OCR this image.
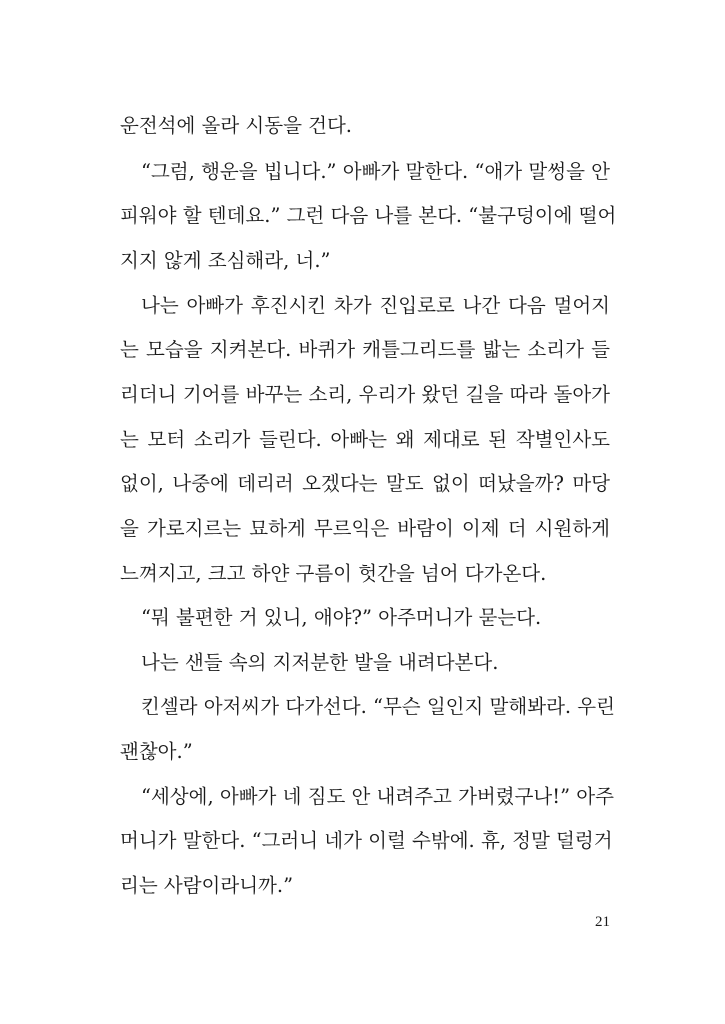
운전석에 올라 시동을 건다.
“그럼, 행운을 빕니다.” 아빠가 말한다. “애가 말썽을 안
피워야 할 텐데요.” 그런 다음 나를 본다. “불구덩이에 떨어
지지 않게 조심해라, 너.”
나는 아빠가 후진시킨 차가 진입로로 나간 다음 멀어지
는 모습을 지켜본다. 바퀴가 캐틀그리드를 밟는 소리가 들
리더니 기어를 바꾸는 소리, 우리가 왔던 길을 따라 돌아가
는 모터 소리가 들린다. 아빠는 왜 제대로 된 작별인사도
없이, 나중에 데리러 오겠다는 말도 없이 떠났을까? 마당
을 가로지르는 묘하게 무르익은 바람이 이제 더 시원하게
느껴지고, 크고 하얀 구름이 헛간을 넘어 다가온다.
“뭐 불편한 거 있니, 애야?” 아주머니가 묻는다.
나는 샌들 속의 지저분한 발을 내려다본다.
킨셀라 아저씨가 다가선다. “무슨 일인지 말해봐라. 우린
괜찮아.”
“세상에, 아빠가 네 짐도 안 내려주고 가버렸구나!” 아주
머니가 말한다. “그러니 네가 이럴 수밖에. 휴, 정말 덜렁거
리는 사람이라니까.”
21
